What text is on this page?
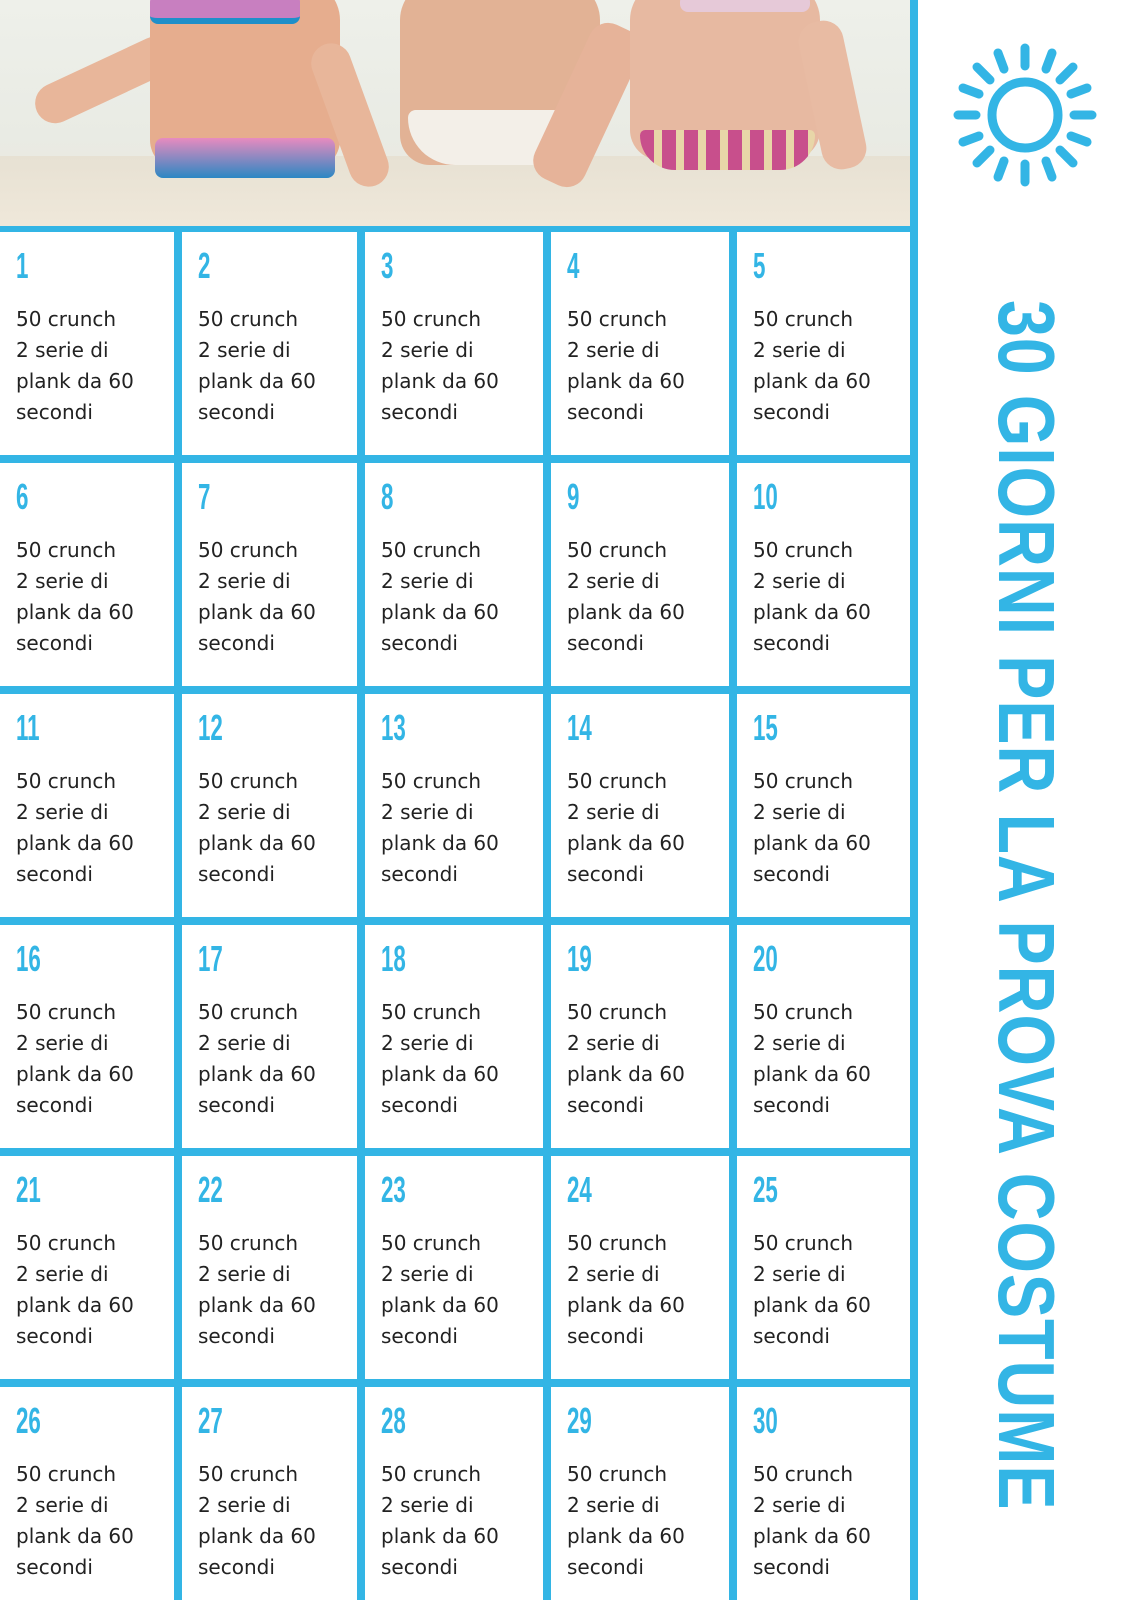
1
50 crunch
2 serie di
plank da 60
secondi
2
50 crunch
2 serie di
plank da 60
secondi
3
50 crunch
2 serie di
plank da 60
secondi
4
50 crunch
2 serie di
plank da 60
secondi
5
50 crunch
2 serie di
plank da 60
secondi
6
50 crunch
2 serie di
plank da 60
secondi
7
50 crunch
2 serie di
plank da 60
secondi
8
50 crunch
2 serie di
plank da 60
secondi
9
50 crunch
2 serie di
plank da 60
secondi
10
50 crunch
2 serie di
plank da 60
secondi
11
50 crunch
2 serie di
plank da 60
secondi
12
50 crunch
2 serie di
plank da 60
secondi
13
50 crunch
2 serie di
plank da 60
secondi
14
50 crunch
2 serie di
plank da 60
secondi
15
50 crunch
2 serie di
plank da 60
secondi
16
50 crunch
2 serie di
plank da 60
secondi
17
50 crunch
2 serie di
plank da 60
secondi
18
50 crunch
2 serie di
plank da 60
secondi
19
50 crunch
2 serie di
plank da 60
secondi
20
50 crunch
2 serie di
plank da 60
secondi
21
50 crunch
2 serie di
plank da 60
secondi
22
50 crunch
2 serie di
plank da 60
secondi
23
50 crunch
2 serie di
plank da 60
secondi
24
50 crunch
2 serie di
plank da 60
secondi
25
50 crunch
2 serie di
plank da 60
secondi
26
50 crunch
2 serie di
plank da 60
secondi
27
50 crunch
2 serie di
plank da 60
secondi
28
50 crunch
2 serie di
plank da 60
secondi
29
50 crunch
2 serie di
plank da 60
secondi
30
50 crunch
2 serie di
plank da 60
secondi
30 GIORNI PER LA PROVA COSTUME
